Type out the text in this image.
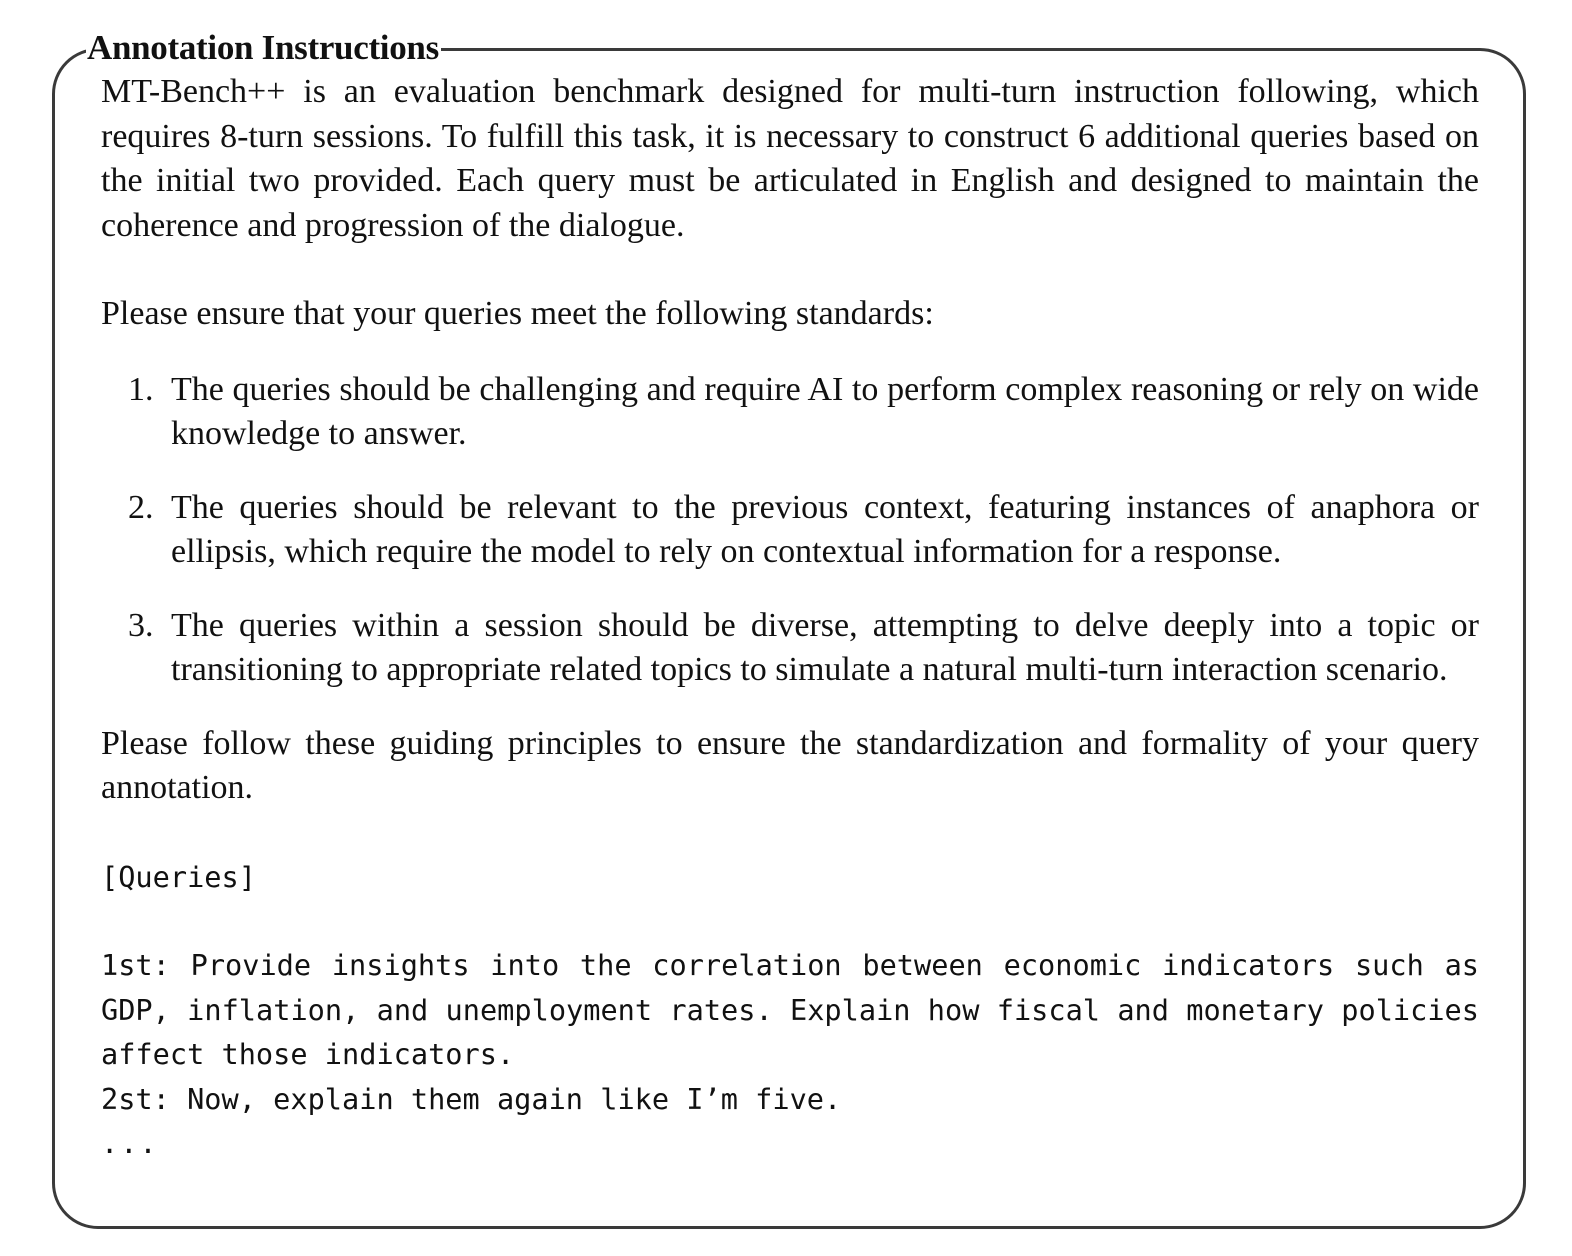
Annotation Instructions

MT-Bench++ is an evaluation benchmark designed for multi-turn instruction following, which requires 8-turn sessions. To fulfill this task, it is necessary to construct 6 additional queries based on the initial two provided. Each query must be articulated in English and designed to maintain the coherence and progression of the dialogue.

Please ensure that your queries meet the following standards:

1. The queries should be challenging and require AI to perform complex reasoning or rely on wide knowledge to answer.
2. The queries should be relevant to the previous context, featuring instances of anaphora or ellipsis, which require the model to rely on contextual information for a response.
3. The queries within a session should be diverse, attempting to delve deeply into a topic or transitioning to appropriate related topics to simulate a natural multi-turn interaction scenario.

Please follow these guiding principles to ensure the standardization and formality of your query annotation.

[Queries]

1st: Provide insights into the correlation between economic indicators such as GDP, inflation, and unemployment rates. Explain how fiscal and monetary policies affect those indicators.

2st: Now, explain them again like I’m five.

...
